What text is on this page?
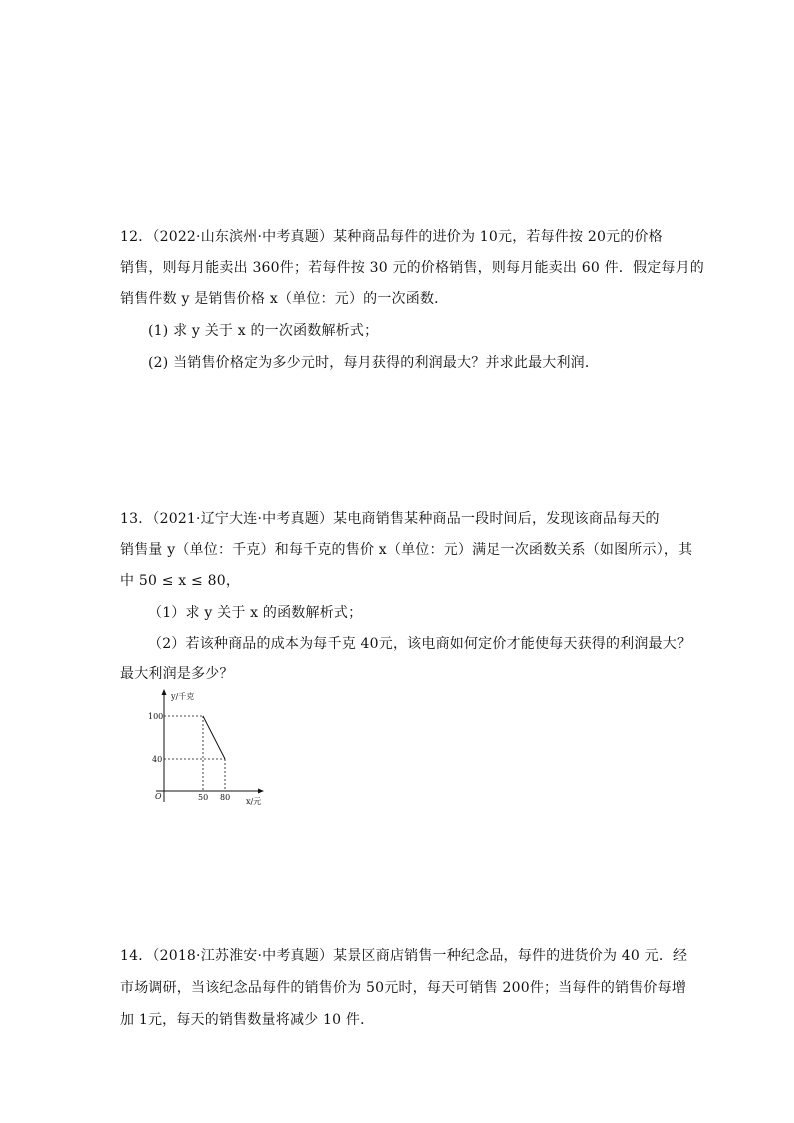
12．（2022·山东滨州·中考真题）某种商品每件的进价为 10元，若每件按 20元的价格
销售，则每月能卖出 360件；若每件按 30 元的价格销售，则每月能卖出 60 件．假定每月的
销售件数 y 是销售价格 x（单位：元）的一次函数．
(1) 求 y 关于 x 的一次函数解析式；
(2) 当销售价格定为多少元时，每月获得的利润最大？并求此最大利润．
13．（2021·辽宁大连·中考真题）某电商销售某种商品一段时间后，发现该商品每天的
销售量 y（单位：千克）和每千克的售价 x（单位：元）满足一次函数关系（如图所示），其
中 50 ≤ x ≤ 80，
（1）求 y 关于 x 的函数解析式；
（2）若该种商品的成本为每千克 40元，该电商如何定价才能使每天获得的利润最大？
最大利润是多少？
y/千克
100
40
O	50 80 x/元
14．（2018·江苏淮安·中考真题）某景区商店销售一种纪念品，每件的进货价为 40 元．经
市场调研，当该纪念品每件的销售价为 50元时，每天可销售 200件；当每件的销售价每增
加 1元，每天的销售数量将减少 10 件．
